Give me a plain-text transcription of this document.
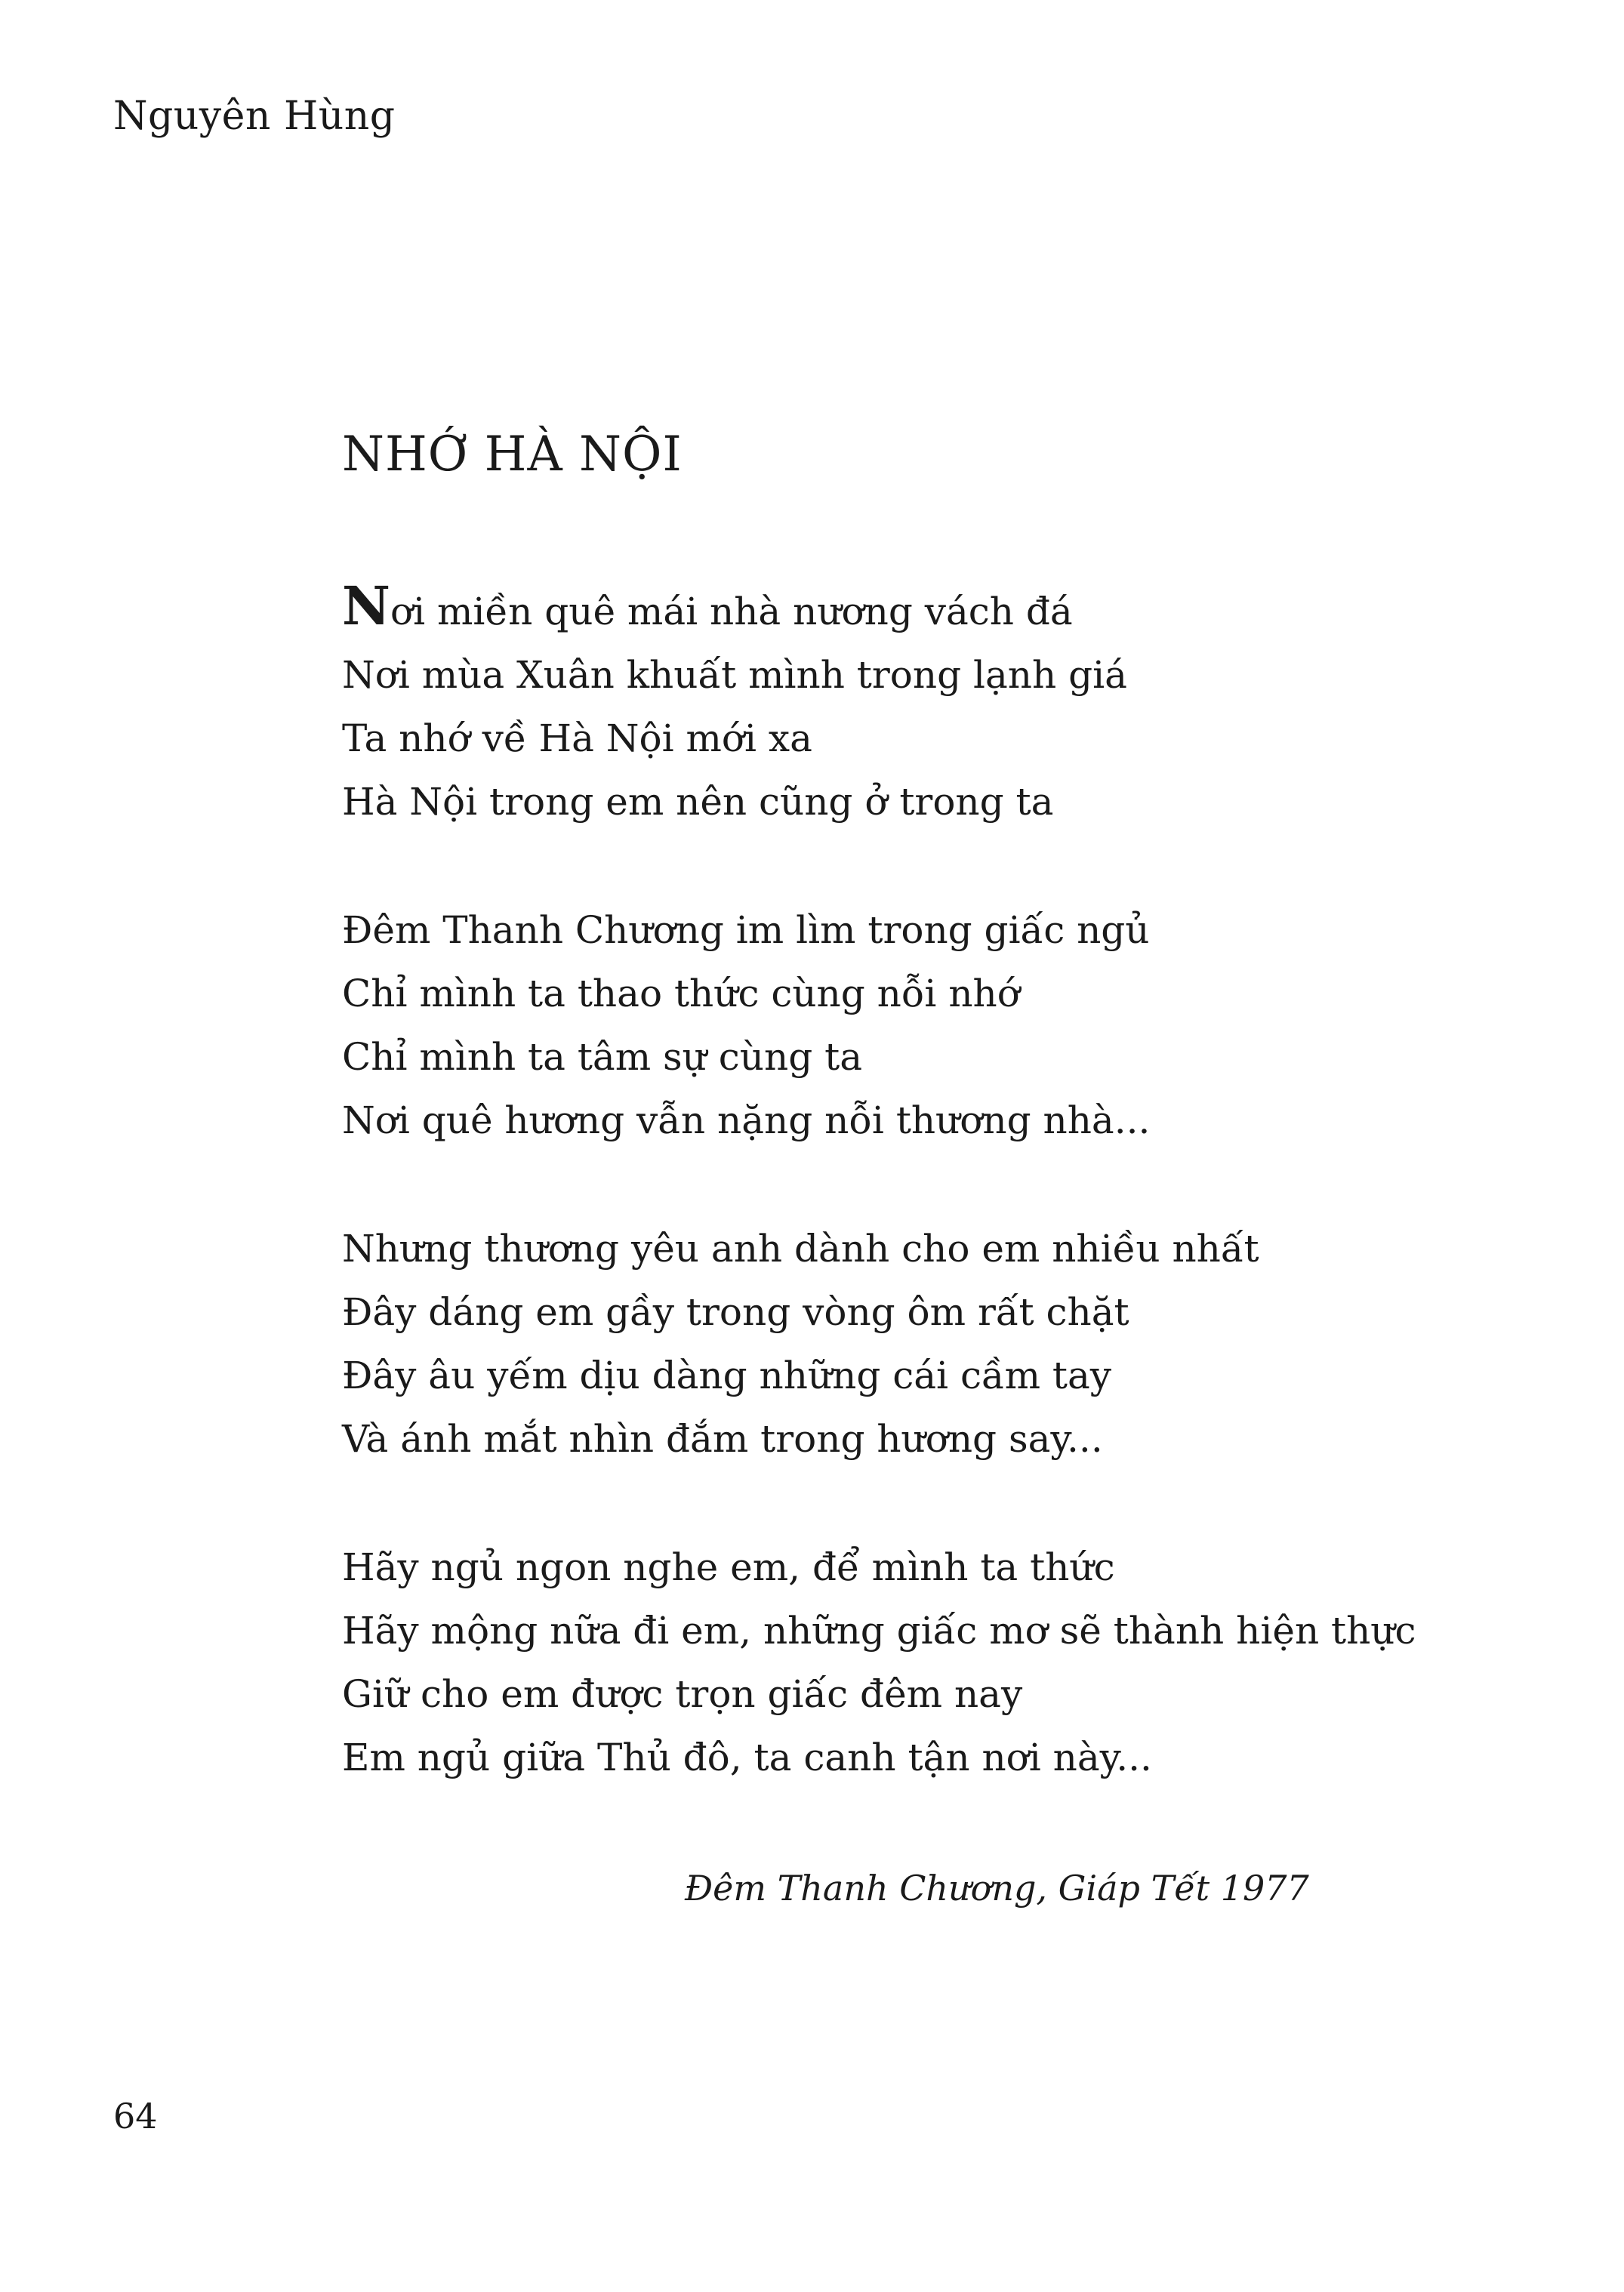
Nguyên Hùng
NHỚ HÀ NỘI
Nơi miền quê mái nhà nương vách đá
Nơi mùa Xuân khuất mình trong lạnh giá
Ta nhớ về Hà Nội mới xa
Hà Nội trong em nên cũng ở trong ta
Đêm Thanh Chương im lìm trong giấc ngủ
Chỉ mình ta thao thức cùng nỗi nhớ
Chỉ mình ta tâm sự cùng ta
Nơi quê hương vẫn nặng nỗi thương nhà...
Nhưng thương yêu anh dành cho em nhiều nhất
Đây dáng em gầy trong vòng ôm rất chặt
Đây âu yếm dịu dàng những cái cầm tay
Và ánh mắt nhìn đắm trong hương say...
Hãy ngủ ngon nghe em, để mình ta thức
Hãy mộng nữa đi em, những giấc mơ sẽ thành hiện thực
Giữ cho em được trọn giấc đêm nay
Em ngủ giữa Thủ đô, ta canh tận nơi này...
Đêm Thanh Chương, Giáp Tết 1977
64
